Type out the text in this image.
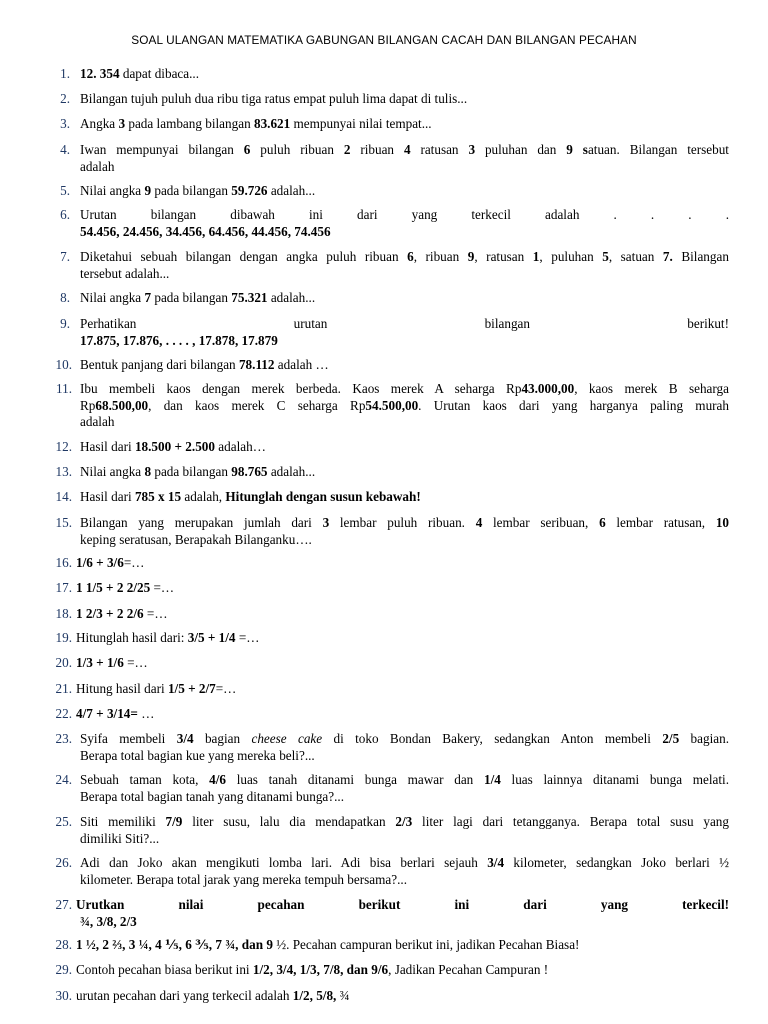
SOAL ULANGAN MATEMATIKA GABUNGAN BILANGAN CACAH DAN BILANGAN PECAHAN
1. 12. 354 dapat dibaca...
2. Bilangan tujuh puluh dua ribu tiga ratus empat puluh lima dapat di tulis...
3. Angka 3 pada lambang bilangan 83.621 mempunyai nilai tempat...
4. Iwan mempunyai bilangan 6 puluh ribuan 2 ribuan 4 ratusan 3 puluhan dan 9 satuan. Bilangan tersebut
adalah
5. Nilai angka 9 pada bilangan 59.726 adalah...
6. Urutan bilangan dibawah ini dari yang terkecil adalah . . . .
54.456, 24.456, 34.456, 64.456, 44.456, 74.456
7. Diketahui sebuah bilangan dengan angka puluh ribuan 6, ribuan 9, ratusan 1, puluhan 5, satuan 7. Bilangan
tersebut adalah...
8. Nilai angka 7 pada bilangan 75.321 adalah...
9. Perhatikan urutan bilangan berikut!
17.875, 17.876, . . . . , 17.878, 17.879
10. Bentuk panjang dari bilangan 78.112 adalah …
11. Ibu membeli kaos dengan merek berbeda. Kaos merek A seharga Rp43.000,00, kaos merek B seharga
Rp68.500,00, dan kaos merek C seharga Rp54.500,00. Urutan kaos dari yang harganya paling murah
adalah
12. Hasil dari 18.500 + 2.500 adalah…
13. Nilai angka 8 pada bilangan 98.765 adalah...
14. Hasil dari 785 x 15 adalah, Hitunglah dengan susun kebawah!
15. Bilangan yang merupakan jumlah dari 3 lembar puluh ribuan. 4 lembar seribuan, 6 lembar ratusan, 10
keping seratusan, Berapakah Bilanganku….
16. 1/6 + 3/6=…
17. 1 1/5 + 2 2/25 =…
18. 1 2/3 + 2 2/6 =…
19. Hitunglah hasil dari: 3/5 + 1/4 =…
20. 1/3 + 1/6 =…
21. Hitung hasil dari 1/5 + 2/7=…
22. 4/7 + 3/14= …
23. Syifa membeli 3/4 bagian cheese cake di toko Bondan Bakery, sedangkan Anton membeli 2/5 bagian.
Berapa total bagian kue yang mereka beli?...
24. Sebuah taman kota, 4/6 luas tanah ditanami bunga mawar dan 1/4 luas lainnya ditanami bunga melati.
Berapa total bagian tanah yang ditanami bunga?...
25. Siti memiliki 7/9 liter susu, lalu dia mendapatkan 2/3 liter lagi dari tetangganya. Berapa total susu yang
dimiliki Siti?...
26. Adi dan Joko akan mengikuti lomba lari. Adi bisa berlari sejauh 3/4 kilometer, sedangkan Joko berlari ½
kilometer. Berapa total jarak yang mereka tempuh bersama?...
27. Urutkan nilai pecahan berikut ini dari yang terkecil!
¾, 3/8, 2/3
28. 1 ½, 2 ⅔, 3 ¼, 4 ⅕, 6 ⅗, 7 ¾, dan 9 ½. Pecahan campuran berikut ini, jadikan Pecahan Biasa!
29. Contoh pecahan biasa berikut ini 1/2, 3/4, 1/3, 7/8, dan 9/6, Jadikan Pecahan Campuran !
30. urutan pecahan dari yang terkecil adalah 1/2, 5/8, ¾
